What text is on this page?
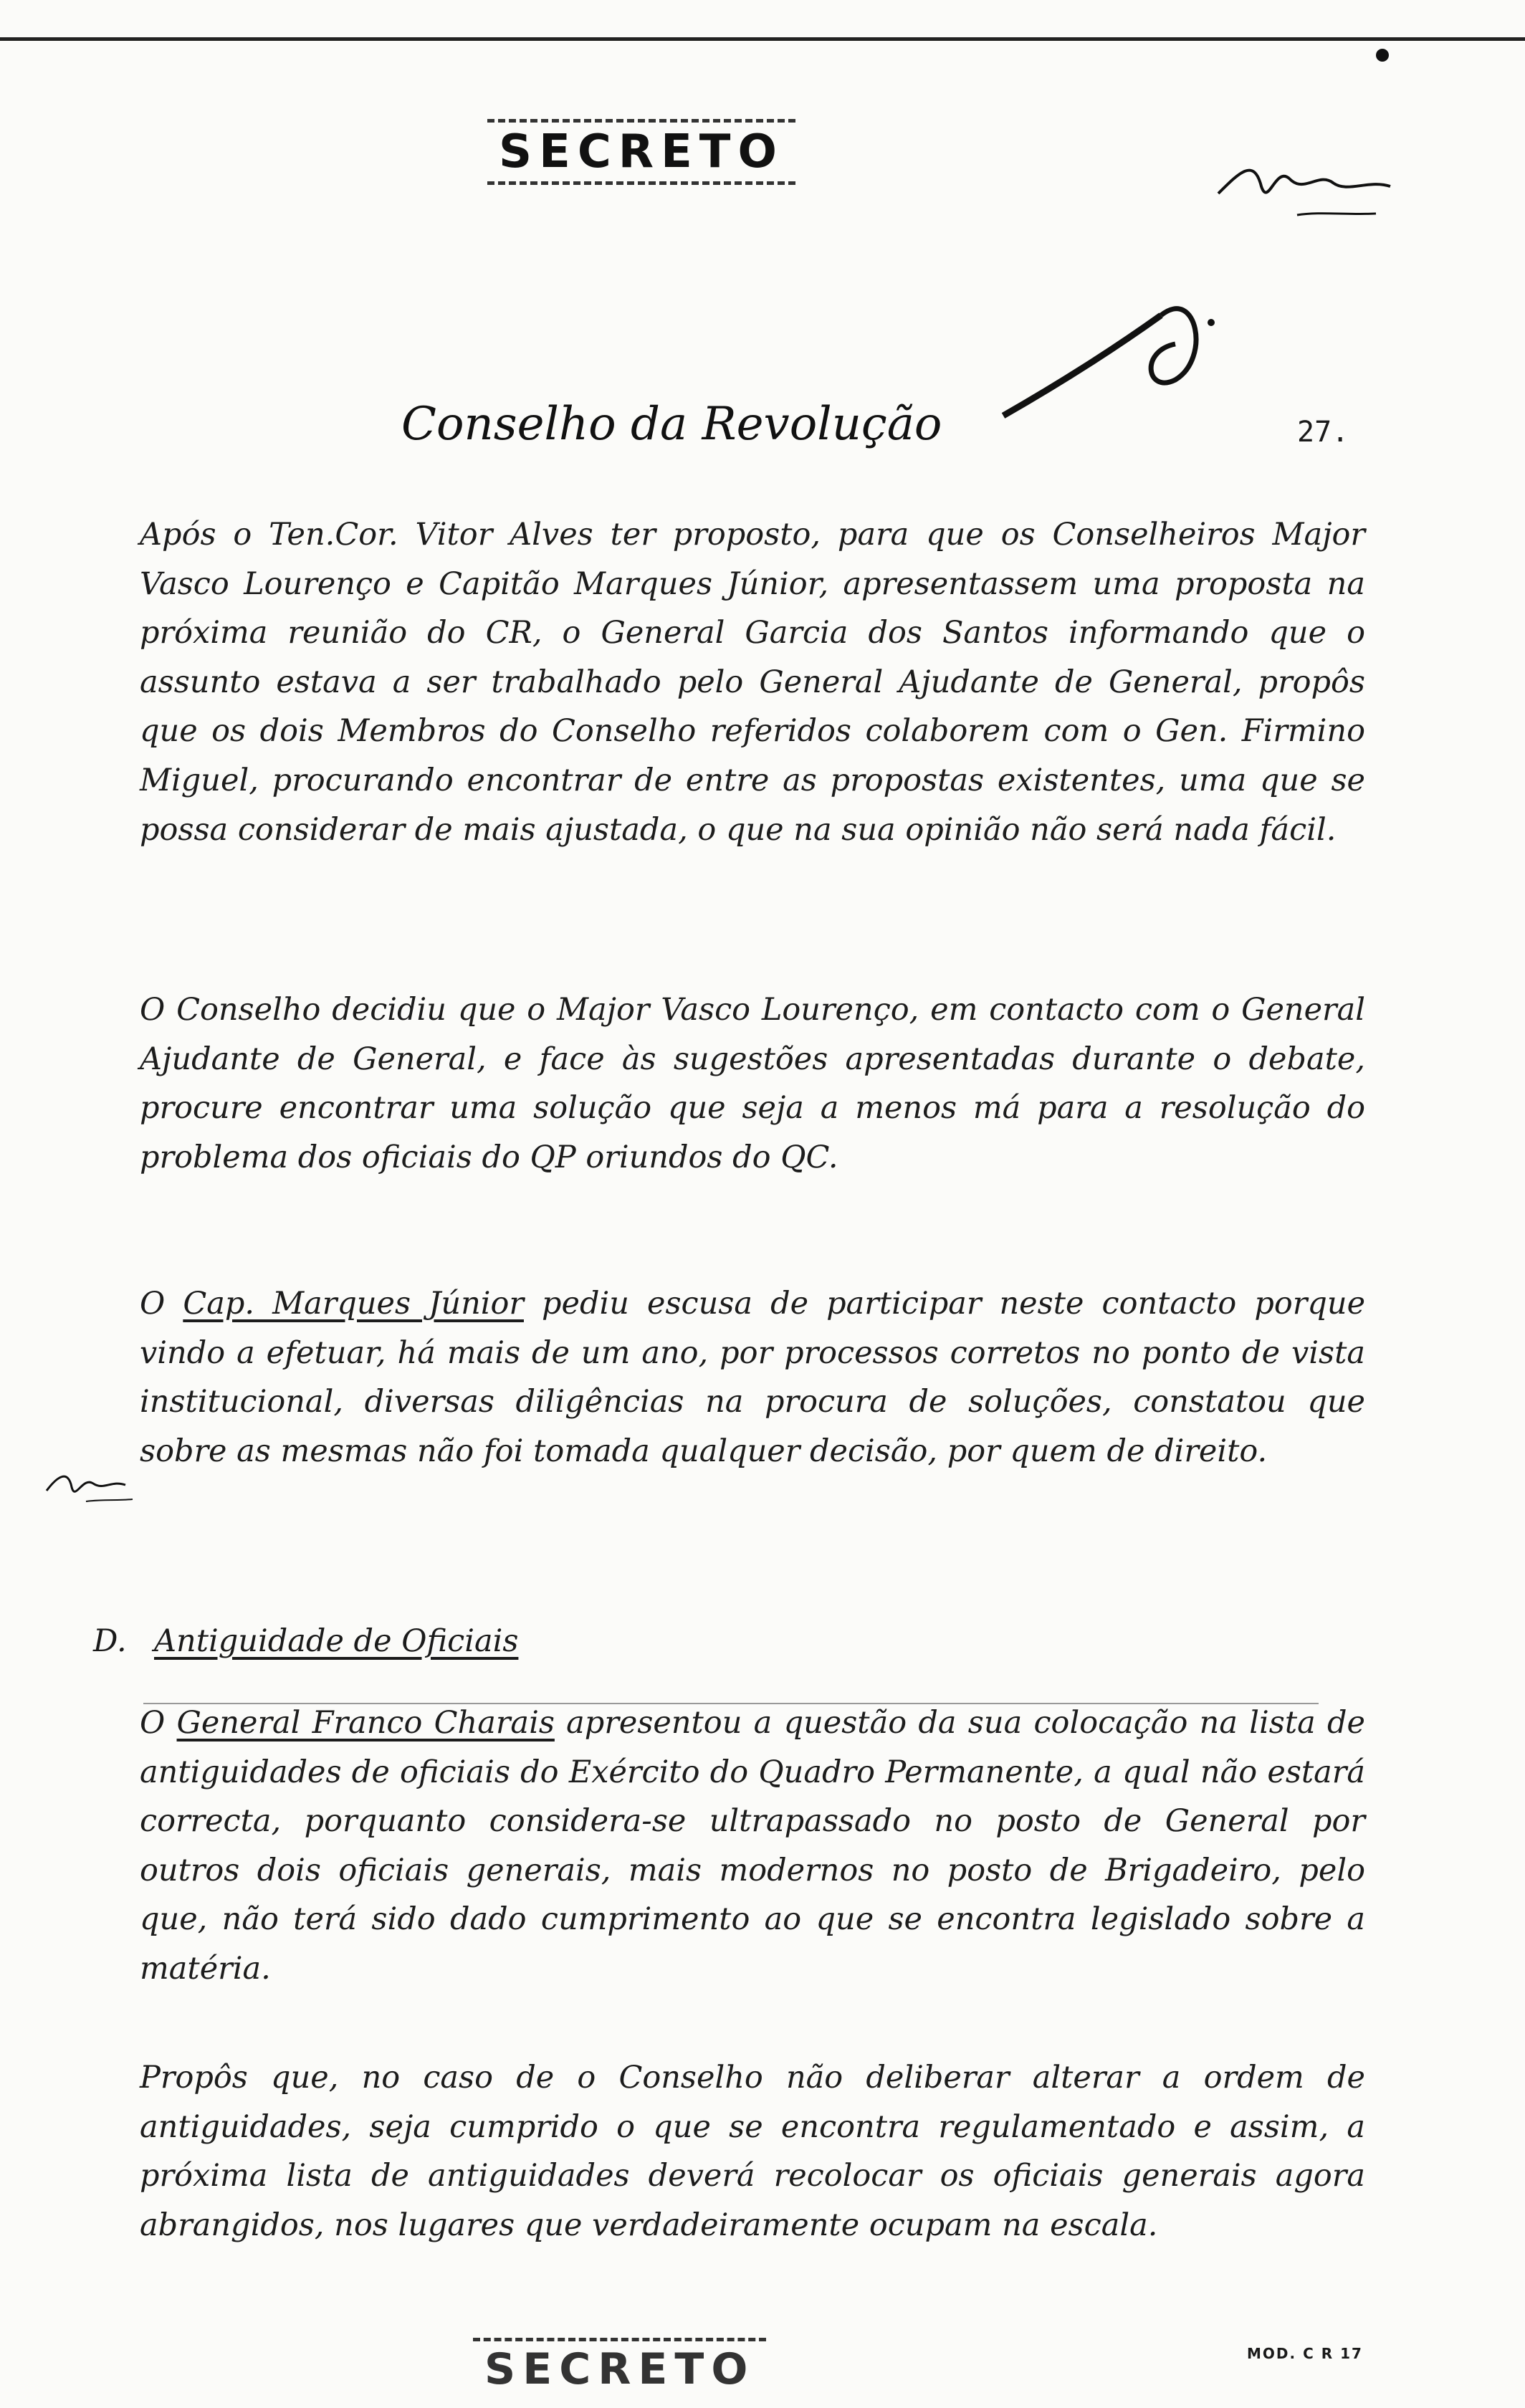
SECRETO
Conselho da Revolução	27.
Após o Ten.Cor. Vitor Alves ter proposto, para que os Conselheiros Major Vasco Lourenço e Capitão Marques Júnior, apresentassem uma proposta na próxima reunião do CR, o General Garcia dos Santos informando que o assunto estava a ser trabalhado pelo General Ajudante de General, propôs que os dois Membros do Conselho referidos colaborem com o Gen. Firmino Miguel, procurando encontrar de entre as propostas existentes, uma que se possa considerar de mais ajustada, o que na sua opinião não será nada fácil.
O Conselho decidiu que o Major Vasco Lourenço, em contacto com o General Ajudante de General, e face às sugestões apresentadas durante o debate, procure encontrar uma solução que seja a menos má para a resolução do problema dos oficiais do QP oriundos do QC.
O Cap. Marques Júnior pediu escusa de participar neste contacto porque vindo a efetuar, há mais de um ano, por processos corretos no ponto de vista institucional, diversas diligências na procura de soluções, constatou que sobre as mesmas não foi tomada qualquer decisão, por quem de direito.
D. Antiguidade de Oficiais
O General Franco Charais apresentou a questão da sua colocação na lista de antiguidades de oficiais do Exército do Quadro Permanente, a qual não estará correcta, porquanto considera-se ultrapassado no posto de General por outros dois oficiais generais, mais modernos no posto de Brigadeiro, pelo que, não terá sido dado cumprimento ao que se encontra legislado sobre a matéria.
Propôs que, no caso de o Conselho não deliberar alterar a ordem de antiguidades, seja cumprido o que se encontra regulamentado e assim, a próxima lista de antiguidades deverá recolocar os oficiais generais agora abrangidos, nos lugares que verdadeiramente ocupam na escala.
MOD. C R 17
SECRETO
